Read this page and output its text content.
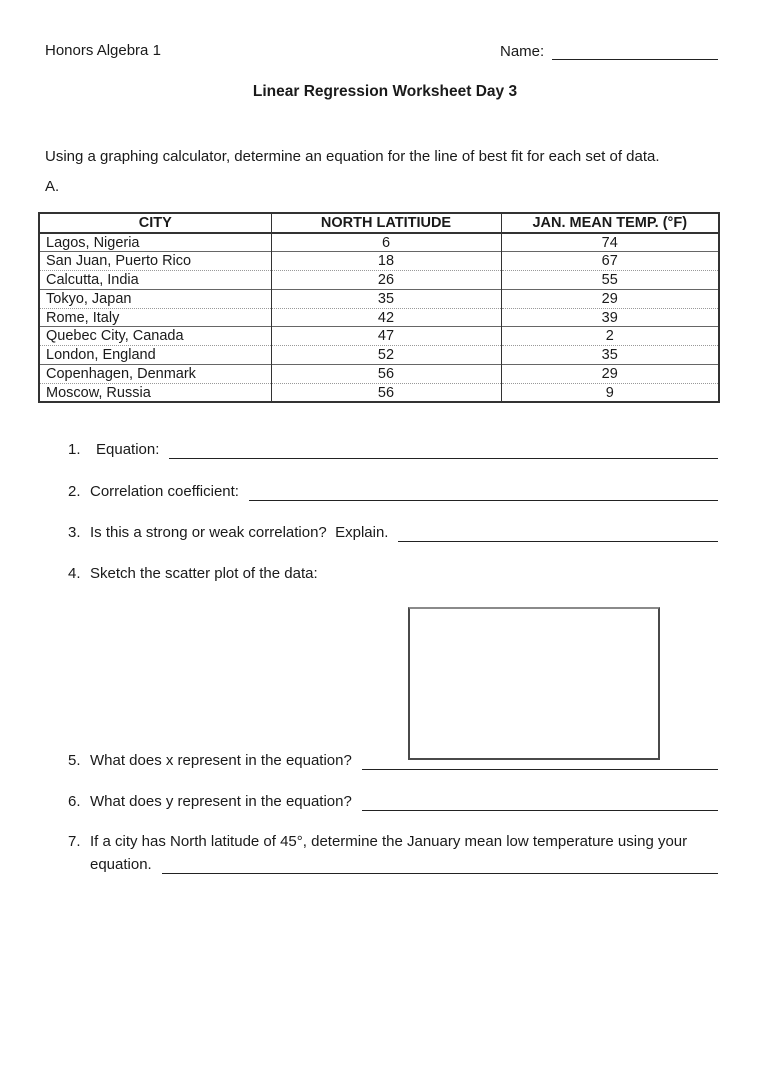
Honors Algebra 1	Name:
Linear Regression Worksheet Day 3
Using a graphing calculator, determine an equation for the line of best fit for each set of data.
A.
CITY	NORTH LATITIUDE	JAN. MEAN TEMP. (°F)
Lagos, Nigeria	6	74
San Juan, Puerto Rico	18	67
Calcutta, India	26	55
Tokyo, Japan	35	29
Rome, Italy	42	39
Quebec City, Canada	47	2
London, England	52	35
Copenhagen, Denmark	56	29
Moscow, Russia	56	9
1.	Equation:
2. Correlation coefficient:
3. Is this a strong or weak correlation?  Explain.
4. Sketch the scatter plot of the data:
5. What does x represent in the equation?
6. What does y represent in the equation?
7. If a city has North latitude of 45°, determine the January mean low temperature using your
equation.
